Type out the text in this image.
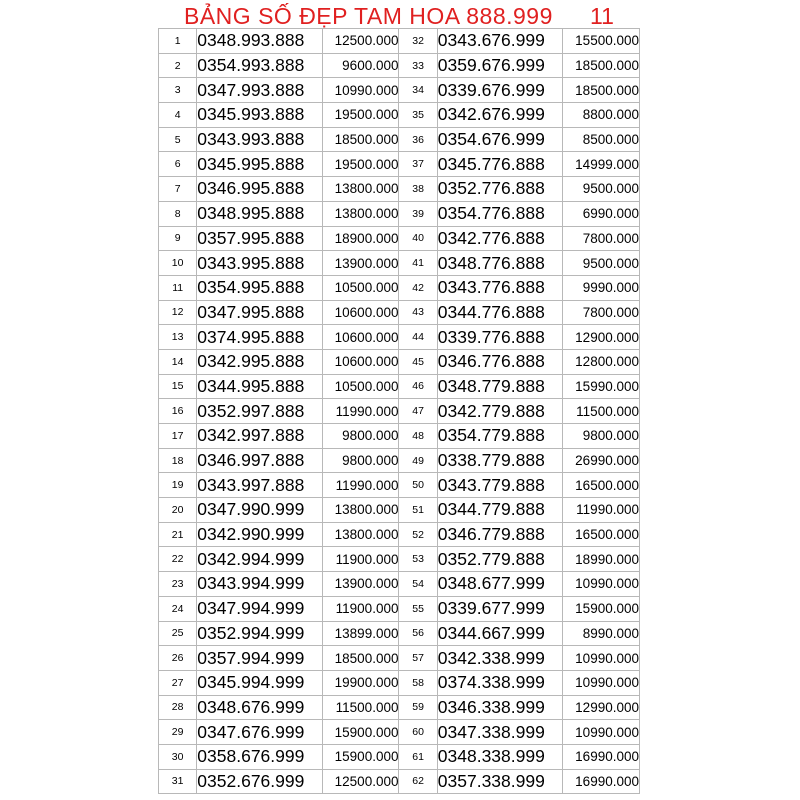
BẢNG SỐ ĐẸP TAM HOA 888.999 11
1	0348.993.888	12500.000	32	0343.676.999	15500.000
2	0354.993.888	9600.000	33	0359.676.999	18500.000
3	0347.993.888	10990.000	34	0339.676.999	18500.000
4	0345.993.888	19500.000	35	0342.676.999	8800.000
5	0343.993.888	18500.000	36	0354.676.999	8500.000
6	0345.995.888	19500.000	37	0345.776.888	14999.000
7	0346.995.888	13800.000	38	0352.776.888	9500.000
8	0348.995.888	13800.000	39	0354.776.888	6990.000
9	0357.995.888	18900.000	40	0342.776.888	7800.000
10	0343.995.888	13900.000	41	0348.776.888	9500.000
11	0354.995.888	10500.000	42	0343.776.888	9990.000
12	0347.995.888	10600.000	43	0344.776.888	7800.000
13	0374.995.888	10600.000	44	0339.776.888	12900.000
14	0342.995.888	10600.000	45	0346.776.888	12800.000
15	0344.995.888	10500.000	46	0348.779.888	15990.000
16	0352.997.888	11990.000	47	0342.779.888	11500.000
17	0342.997.888	9800.000	48	0354.779.888	9800.000
18	0346.997.888	9800.000	49	0338.779.888	26990.000
19	0343.997.888	11990.000	50	0343.779.888	16500.000
20	0347.990.999	13800.000	51	0344.779.888	11990.000
21	0342.990.999	13800.000	52	0346.779.888	16500.000
22	0342.994.999	11900.000	53	0352.779.888	18990.000
23	0343.994.999	13900.000	54	0348.677.999	10990.000
24	0347.994.999	11900.000	55	0339.677.999	15900.000
25	0352.994.999	13899.000	56	0344.667.999	8990.000
26	0357.994.999	18500.000	57	0342.338.999	10990.000
27	0345.994.999	19900.000	58	0374.338.999	10990.000
28	0348.676.999	11500.000	59	0346.338.999	12990.000
29	0347.676.999	15900.000	60	0347.338.999	10990.000
30	0358.676.999	15900.000	61	0348.338.999	16990.000
31	0352.676.999	12500.000	62	0357.338.999	16990.000
